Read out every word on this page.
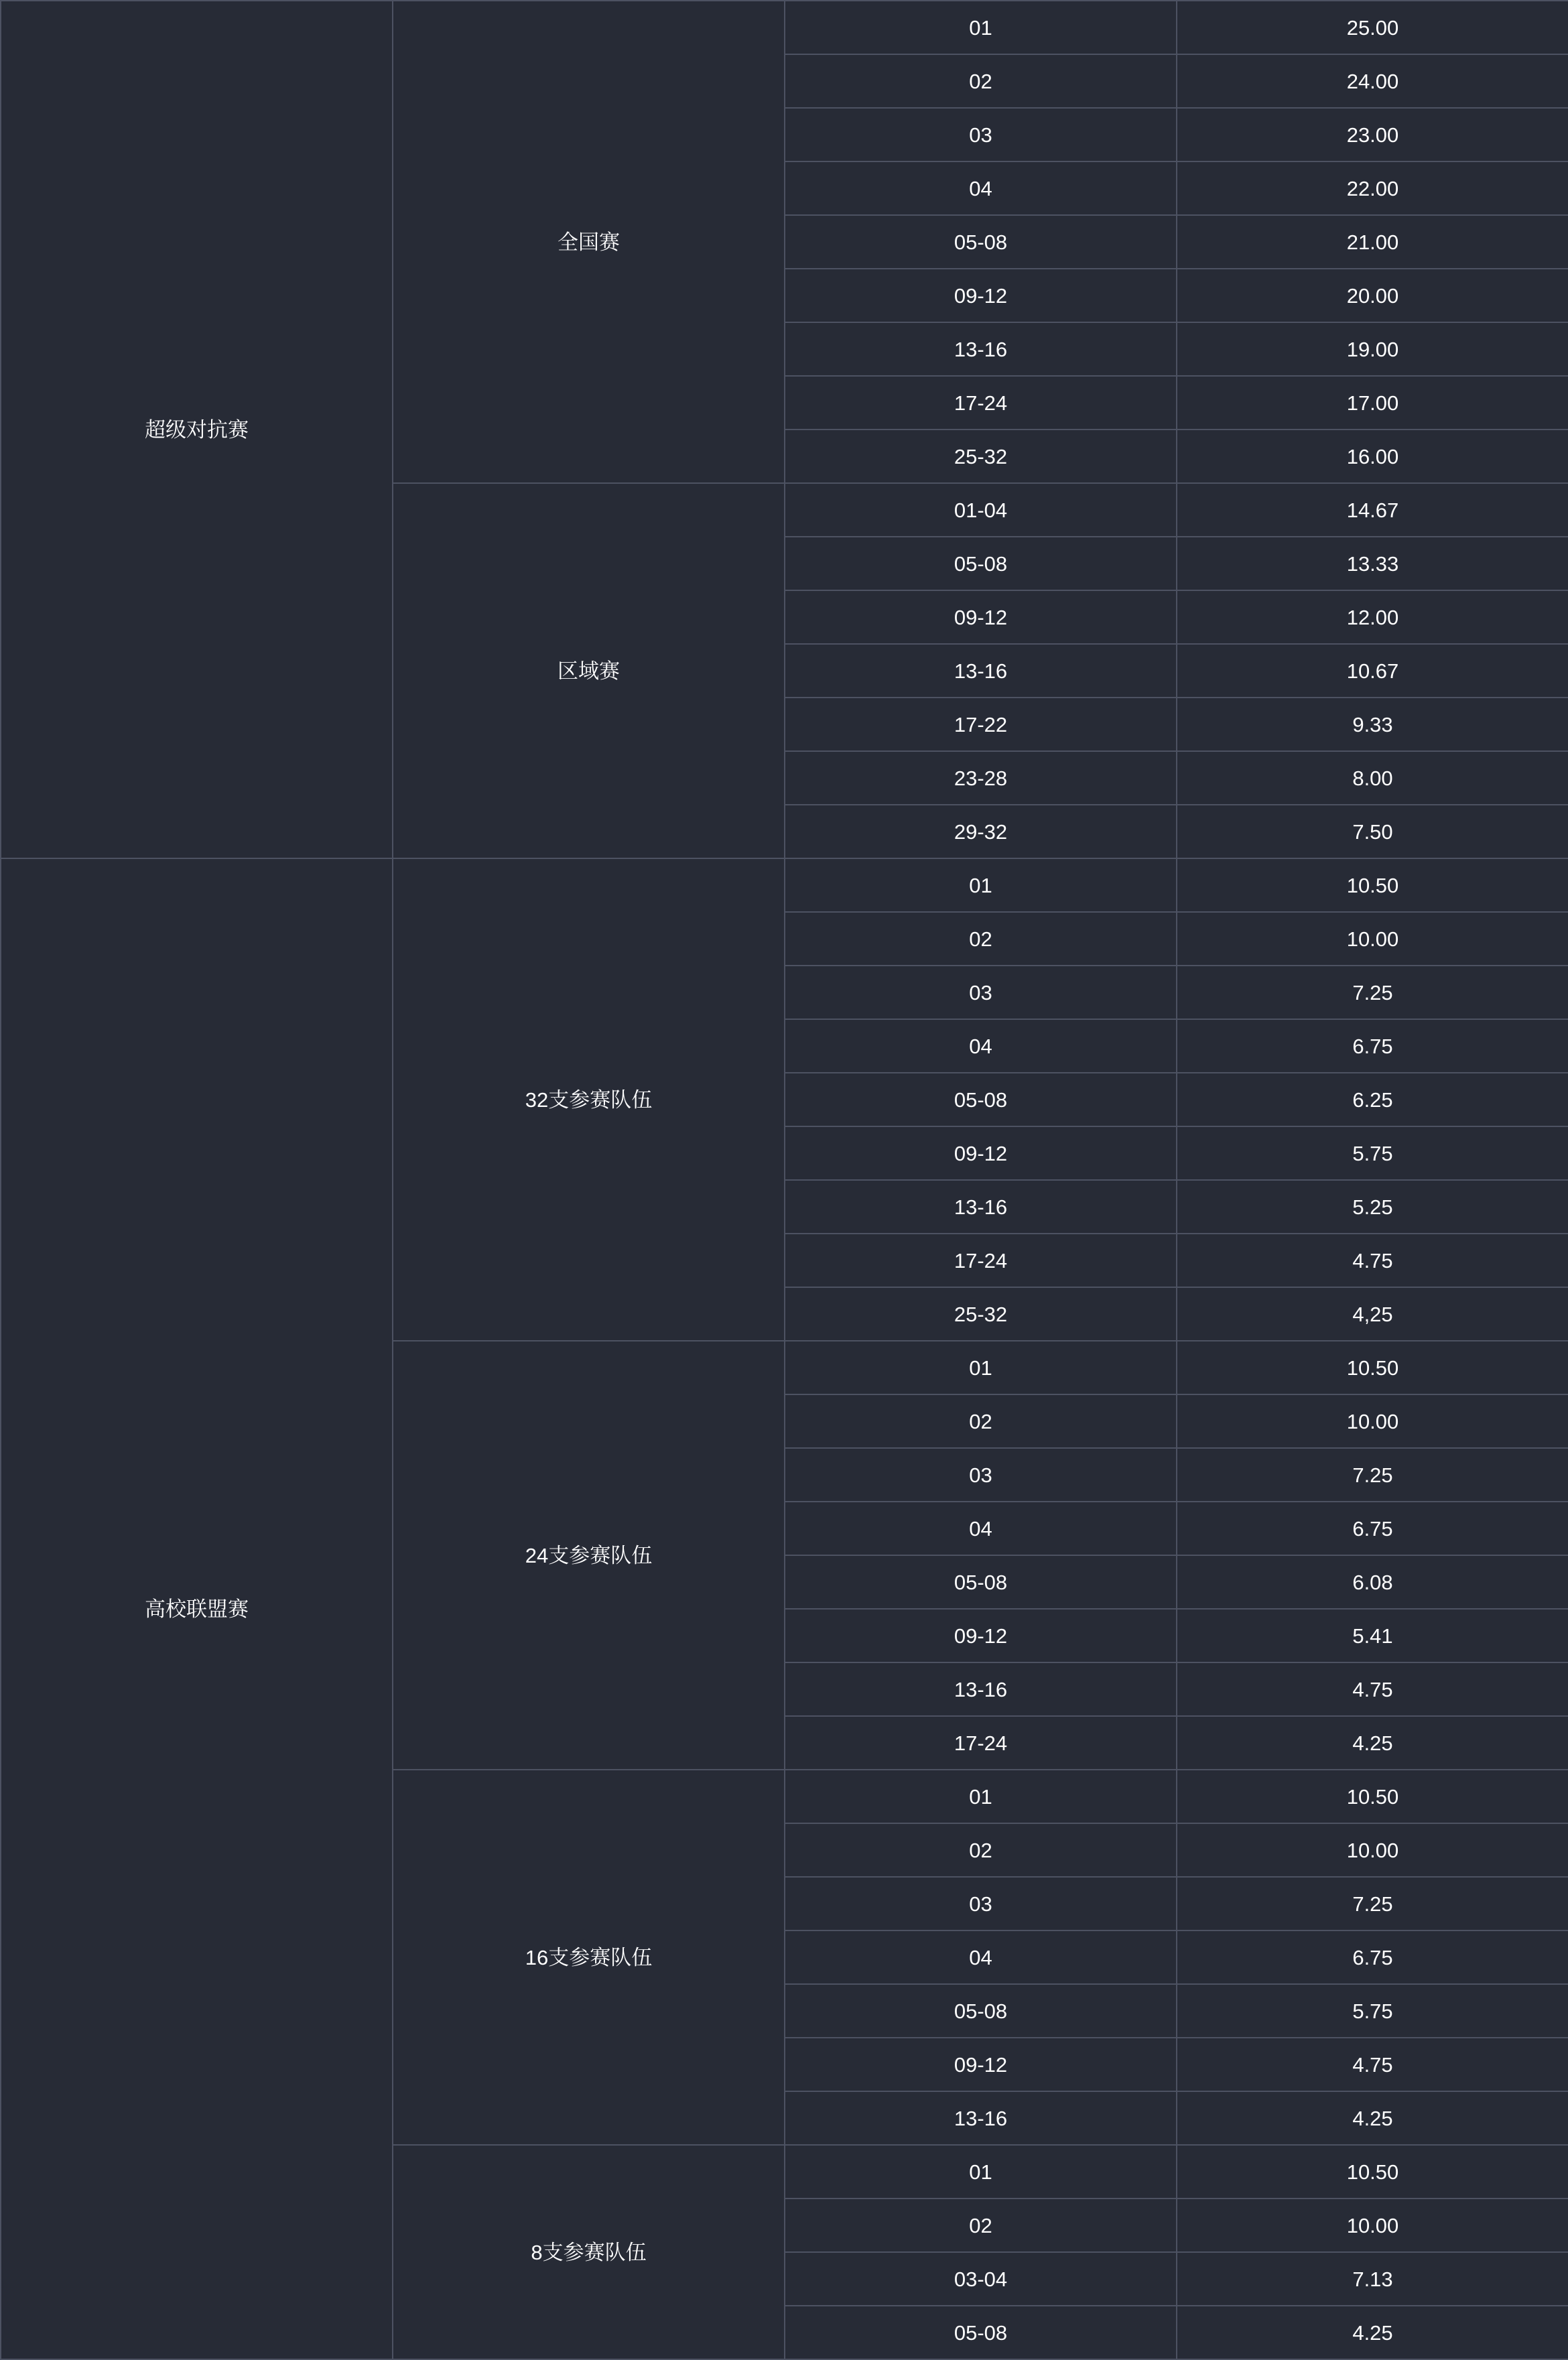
超级对抗赛	全国赛	01	25.00
		02	24.00
		03	23.00
		04	22.00
		05-08	21.00
		09-12	20.00
		13-16	19.00
		17-24	17.00
		25-32	16.00
	区域赛	01-04	14.67
		05-08	13.33
		09-12	12.00
		13-16	10.67
		17-22	9.33
		23-28	8.00
		29-32	7.50
高校联盟赛	32支参赛队伍	01	10.50
		02	10.00
		03	7.25
		04	6.75
		05-08	6.25
		09-12	5.75
		13-16	5.25
		17-24	4.75
		25-32	4,25
	24支参赛队伍	01	10.50
		02	10.00
		03	7.25
		04	6.75
		05-08	6.08
		09-12	5.41
		13-16	4.75
		17-24	4.25
	16支参赛队伍	01	10.50
		02	10.00
		03	7.25
		04	6.75
		05-08	5.75
		09-12	4.75
		13-16	4.25
	8支参赛队伍	01	10.50
		02	10.00
		03-04	7.13
		05-08	4.25
